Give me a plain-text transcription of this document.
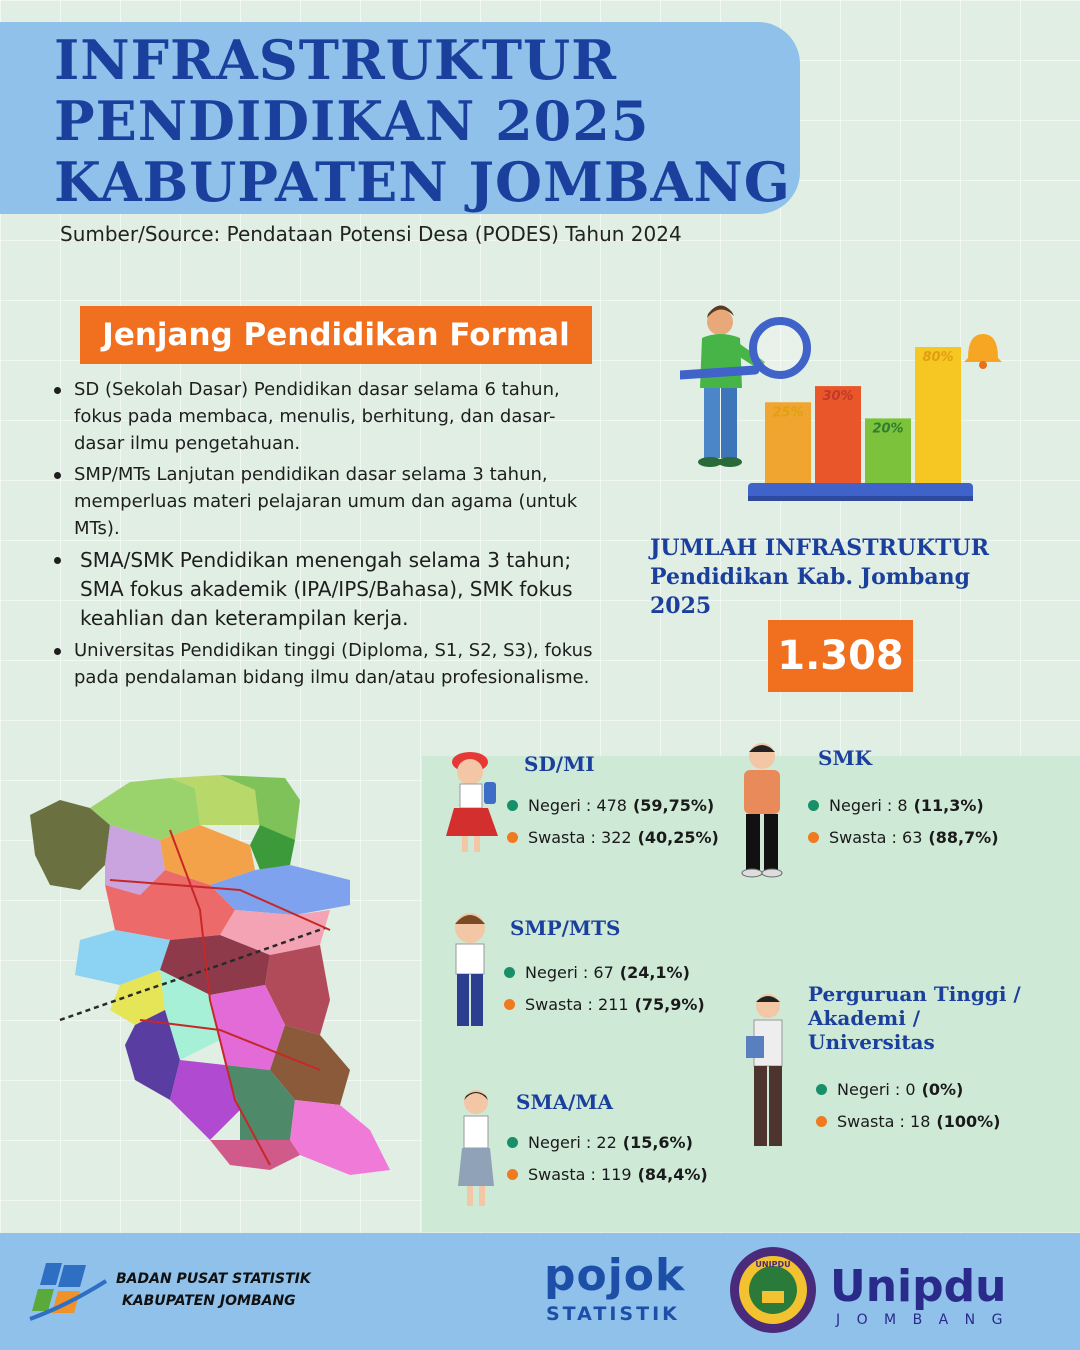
INFRASTRUKTUR
PENDIDIKAN 2025
KABUPATEN JOMBANG
Sumber/Source: Pendataan Potensi Desa (PODES) Tahun 2024
Jenjang Pendidikan Formal
SD (Sekolah Dasar) Pendidikan dasar selama 6 tahun, fokus pada membaca, menulis, berhitung, dan dasar-dasar ilmu pengetahuan.
SMP/MTs Lanjutan pendidikan dasar selama 3 tahun, memperluas materi pelajaran umum dan agama (untuk MTs).
SMA/SMK Pendidikan menengah selama 3 tahun; SMA fokus akademik (IPA/IPS/Bahasa), SMK fokus keahlian dan keterampilan kerja.
Universitas Pendidikan tinggi (Diploma, S1, S2, S3), fokus pada pendalaman bidang ilmu dan/atau profesionalisme.
25%
30%
20%
80%
JUMLAH INFRASTRUKTUR
Pendidikan Kab. Jombang
2025
1.308
SD/MI
Negeri : 478 (59,75%)
Swasta : 322 (40,25%)
SMK
Negeri : 8 (11,3%)
Swasta : 63 (88,7%)
SMP/MTS
Negeri : 67 (24,1%)
Swasta : 211 (75,9%)	Perguruan Tinggi /
Akademi /
Universitas
Negeri : 0 (0%)
Swasta : 18 (100%)
SMA/MA
Negeri : 22 (15,6%)
Swasta : 119 (84,4%)
BADAN PUSAT STATISTIK
KABUPATEN JOMBANG	pojok
STATISTIK
UNIPDU Unipdu
J O M B A N G
